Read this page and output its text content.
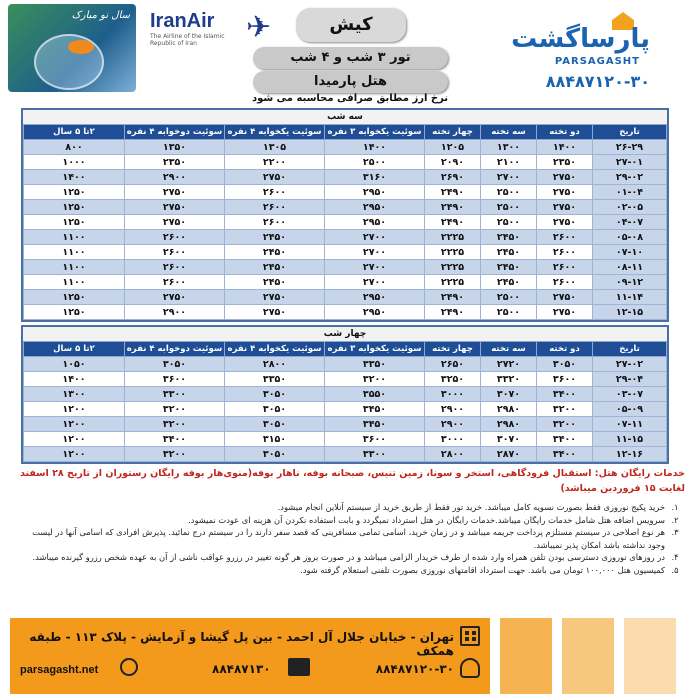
سال نو مبارک IranAir
The Airline of the Islamic Republic of Iran	✈	کیش
تور ۳ شب و ۴ شب
هتل پارمیدا
پارساگشت
PARSAGASHT
۸۸۴۸۷۱۲۰-۳۰
نرخ ارز مطابق صرافی محاسبه می شود
سه شب
تاریخ	دو تخته	سه تخته	چهار تخته	سوئیت یکخوابه ۳ نفره	سوئیت یکخوابه ۴ نفره	سوئیت دوخوابه ۴ نفره	۲تا ۵ سال
۲۶-۲۹	۱۴۰۰	۱۳۰۰	۱۲۰۵	۱۴۰۰	۱۳۰۵	۱۳۵۰	۸۰۰
۲۷-۰۱	۲۳۵۰	۲۱۰۰	۲۰۹۰	۲۵۰۰	۲۲۰۰	۲۳۵۰	۱۰۰۰
۲۹-۰۲	۲۷۵۰	۲۷۰۰	۲۶۹۰	۳۱۶۰	۲۷۵۰	۲۹۰۰	۱۴۰۰
۰۱-۰۴	۲۷۵۰	۲۵۰۰	۲۴۹۰	۲۹۵۰	۲۶۰۰	۲۷۵۰	۱۲۵۰
۰۲-۰۵	۲۷۵۰	۲۵۰۰	۲۴۹۰	۲۹۵۰	۲۶۰۰	۲۷۵۰	۱۲۵۰
۰۴-۰۷	۲۷۵۰	۲۵۰۰	۲۴۹۰	۲۹۵۰	۲۶۰۰	۲۷۵۰	۱۲۵۰
۰۵-۰۸	۲۶۰۰	۲۴۵۰	۲۲۲۵	۲۷۰۰	۲۴۵۰	۲۶۰۰	۱۱۰۰
۰۷-۱۰	۲۶۰۰	۲۴۵۰	۲۲۲۵	۲۷۰۰	۲۴۵۰	۲۶۰۰	۱۱۰۰
۰۸-۱۱	۲۶۰۰	۲۴۵۰	۲۲۲۵	۲۷۰۰	۲۴۵۰	۲۶۰۰	۱۱۰۰
۰۹-۱۲	۲۶۰۰	۲۴۵۰	۲۲۲۵	۲۷۰۰	۲۴۵۰	۲۶۰۰	۱۱۰۰
۱۱-۱۴	۲۷۵۰	۲۵۰۰	۲۴۹۰	۲۹۵۰	۲۷۵۰	۲۷۵۰	۱۲۵۰
۱۲-۱۵	۲۷۵۰	۲۵۰۰	۲۴۹۰	۲۹۵۰	۲۷۵۰	۲۹۰۰	۱۲۵۰
چهار شب
تاریخ	دو تخته	سه تخته	چهار تخته	سوئیت یکخوابه ۳ نفره	سوئیت یکخوابه ۴ نفره	سوئیت دوخوابه ۴ نفره	۲تا ۵ سال
۲۷-۰۲	۳۰۵۰	۲۷۲۰	۲۶۵۰	۳۳۵۰	۲۸۰۰	۳۰۵۰	۱۰۵۰
۲۹-۰۴	۳۶۰۰	۳۳۲۰	۳۲۵۰	۳۲۰۰	۳۳۵۰	۳۶۰۰	۱۴۰۰
۰۳-۰۷	۳۴۰۰	۳۰۷۰	۳۰۰۰	۳۵۵۰	۳۰۵۰	۳۳۰۰	۱۳۰۰
۰۵-۰۹	۳۲۰۰	۲۹۸۰	۲۹۰۰	۳۴۵۰	۳۰۵۰	۳۲۰۰	۱۲۰۰
۰۷-۱۱	۳۲۰۰	۲۹۸۰	۲۹۰۰	۳۴۵۰	۳۰۵۰	۳۲۰۰	۱۲۰۰
۱۱-۱۵	۳۴۰۰	۳۰۷۰	۳۰۰۰	۳۶۰۰	۳۱۵۰	۳۴۰۰	۱۲۰۰
۱۲-۱۶	۳۴۰۰	۲۸۷۰	۲۸۰۰	۳۳۰۰	۳۰۵۰	۳۲۰۰	۱۲۰۰
خدمات رایگان هتل: استقبال فرودگاهی، استخر و سونا، زمین تنیس، صبحانه بوفه، ناهار بوفه(منوی‌هار بوفه رایگان رستوران از تاریخ ۲۸ اسفند لغایت ۱۵ فروردین میباشد)
۱.
خرید پکیج نوروزی فقط بصورت نسویه کامل میباشد. خرید تور فقط از طریق خرید از سیستم آنلاین انجام میشود.
۲.
سرویس اضافه هتل شامل خدمات رایگان میباشد.خدمات رایگان در هتل استرداد نمیگردد و بابت استفاده نکردن آن هزینه ای عودت نمیشود.
۳.
هر نوع اصلاحی در سیستم مستلزم پرداخت جریمه میباشد و در زمان خرید، اسامی تمامی مسافرینی که قصد سفر دارند را در سیستم درج نمائید. پذیرش افرادی که اسامی آنها در لیست وجود نداشته باشد امکان پذیر نمیباشد.
۴.
در روزهای نوروزی دسترسی بودن تلفن همراه وارد شده از طرف خریدار الزامی میباشد و در صورت بروز هر گونه تغییر در رزرو عواقب ناشی از آن به عهده شخص رزرو گیرنده میباشد.
۵.
کمیسیون هتل ۱۰۰,۰۰۰ تومان می باشد. جهت استرداد اقامتهای نوروزی بصورت تلفنی استعلام گرفته شود.
تهران - خیابان جلال آل احمد - بین پل گیشا و آزمایش - پلاک ۱۱۳ - طبقه همکف
۸۸۴۸۷۱۲۰-۳۰
۸۸۴۸۷۱۳۰
parsagasht.net
